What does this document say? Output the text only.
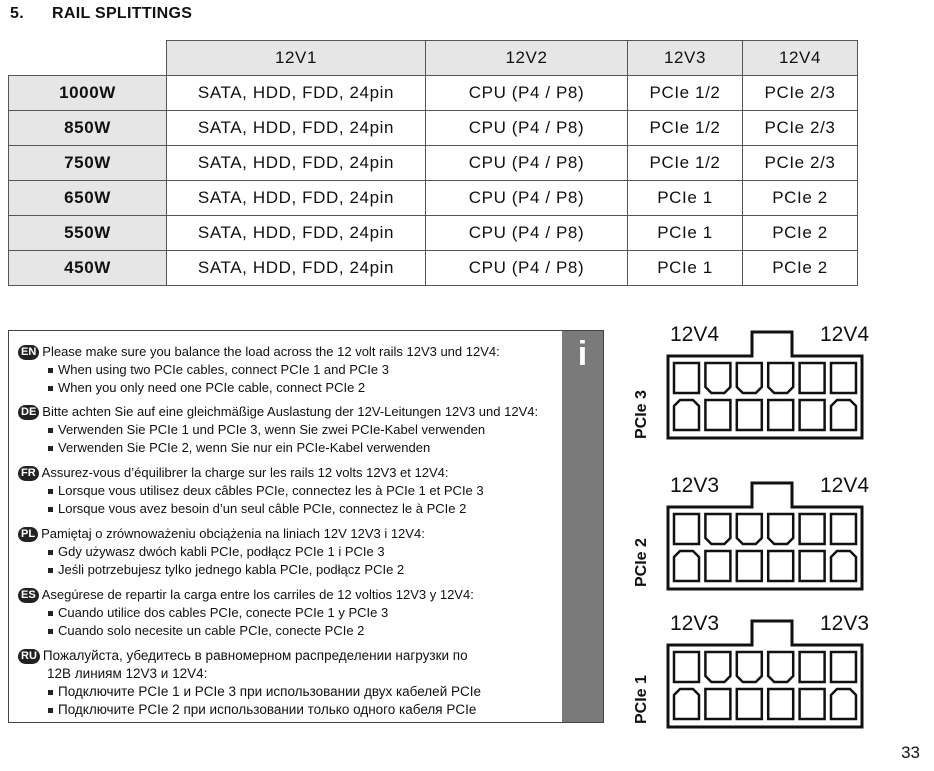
5. RAIL SPLITTINGS
	12V1	12V2	12V3	12V4
1000W	SATA, HDD, FDD, 24pin	CPU (P4 / P8)	PCIe 1/2	PCIe 2/3
850W	SATA, HDD, FDD, 24pin	CPU (P4 / P8)	PCIe 1/2	PCIe 2/3
750W	SATA, HDD, FDD, 24pin	CPU (P4 / P8)	PCIe 1/2	PCIe 2/3
650W	SATA, HDD, FDD, 24pin	CPU (P4 / P8)	PCIe 1	PCIe 2
550W	SATA, HDD, FDD, 24pin	CPU (P4 / P8)	PCIe 1	PCIe 2
450W	SATA, HDD, FDD, 24pin	CPU (P4 / P8)	PCIe 1	PCIe 2
i
EN Please make sure you balance the load across the 12 volt rails 12V3 und 12V4:
When using two PCIe cables, connect PCIe 1 and PCIe 3
When you only need one PCIe cable, connect PCIe 2
DE Bitte achten Sie auf eine gleichmäßige Auslastung der 12V-Leitungen 12V3 und 12V4:
Verwenden Sie PCIe 1 und PCIe 3, wenn Sie zwei PCIe-Kabel verwenden
Verwenden Sie PCIe 2, wenn Sie nur ein PCIe-Kabel verwenden
FR Assurez-vous d’équilibrer la charge sur les rails 12 volts 12V3 et 12V4:
Lorsque vous utilisez deux câbles PCIe, connectez les à PCIe 1 et PCIe 3
Lorsque vous avez besoin d’un seul câble PCIe, connectez le à PCIe 2
PL Pamiętaj o zrównoważeniu obciążenia na liniach 12V 12V3 i 12V4:
Gdy używasz dwóch kabli PCIe, podłącz PCIe 1 i PCIe 3
Jeśli potrzebujesz tylko jednego kabla PCIe, podłącz PCIe 2
ES Asegúrese de repartir la carga entre los carriles de 12 voltios 12V3 y 12V4:
Cuando utilice dos cables PCIe, conecte PCIe 1 y PCIe 3
Cuando solo necesite un cable PCIe, conecte PCIe 2
RU Пожалуйста, убедитесь в равномерном распределении нагрузки по
12В линиям 12V3 и 12V4:
Подключите PCIe 1 и PCIe 3 при использовании двух кабелей PCIe
Подключите PCIe 2 при использовании только одного кабеля PCIe
12V4	12V4
PCIe 3
12V3	12V4
PCIe 2
12V3	12V3
PCIe 1
33
